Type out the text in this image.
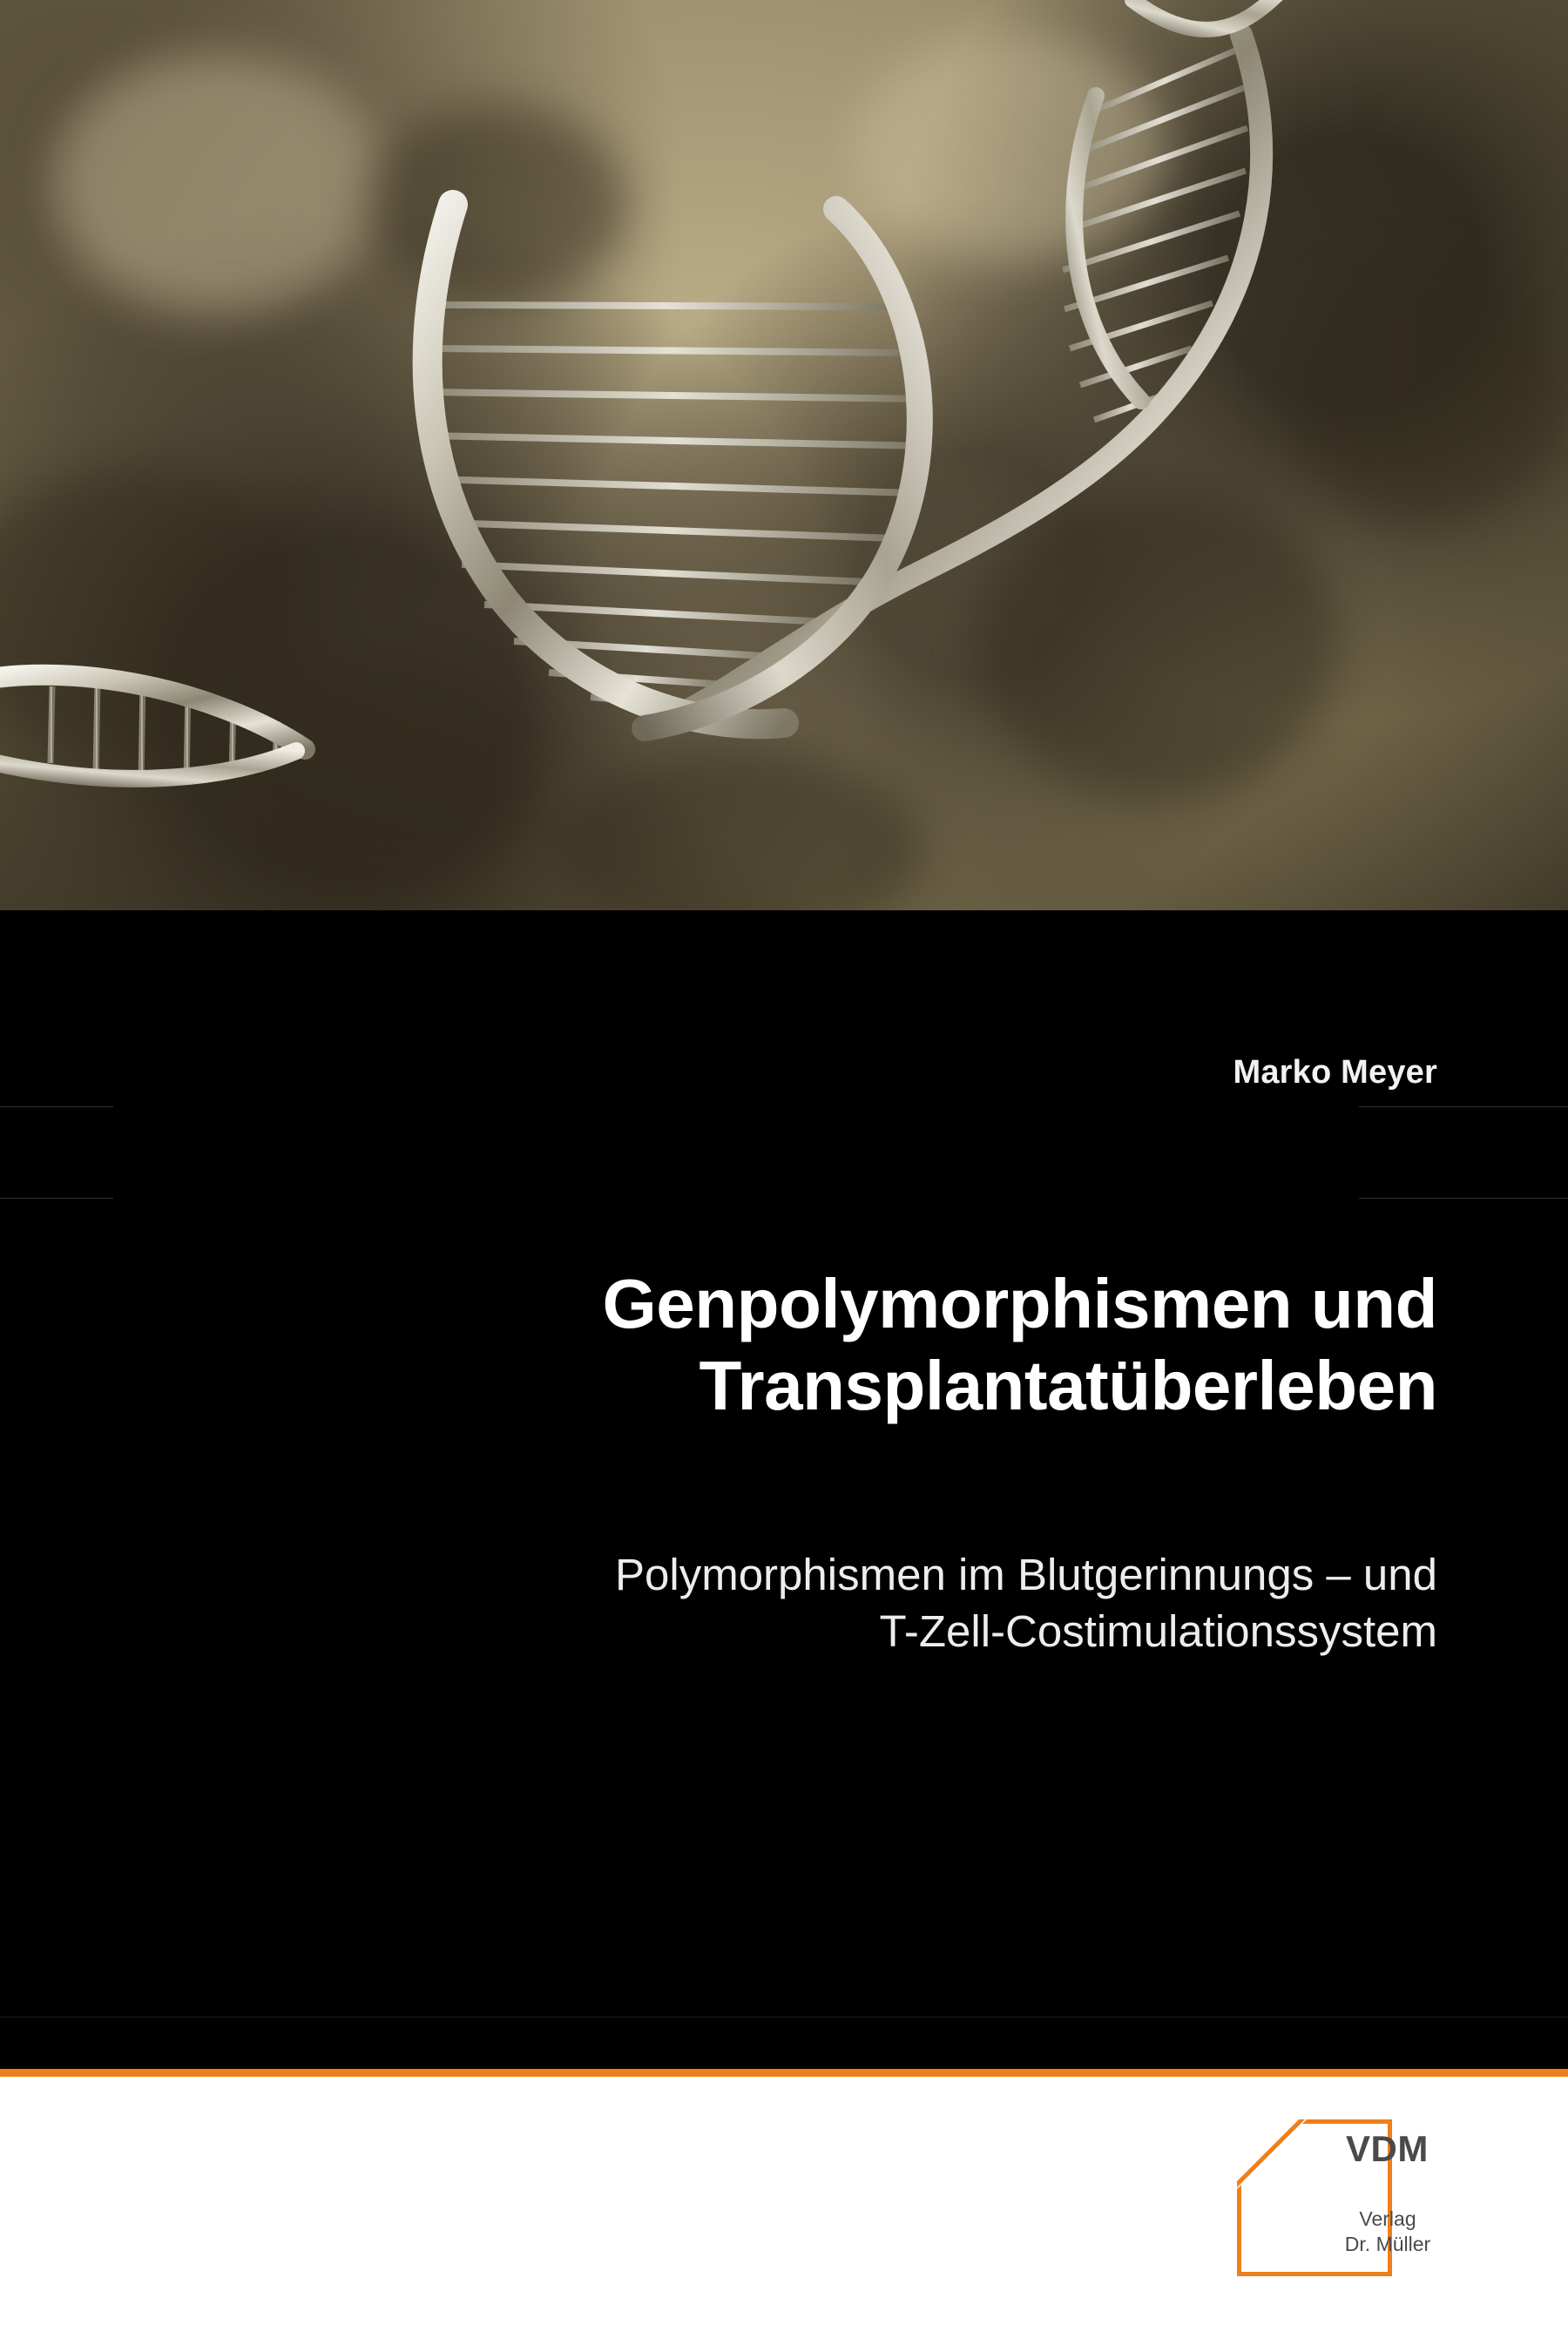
Marko Meyer
Genpolymorphismen und
Transplantatüberleben
Polymorphismen im Blutgerinnungs – und
T-Zell-Costimulationssystem
VDM
Verlag
Dr. Müller
